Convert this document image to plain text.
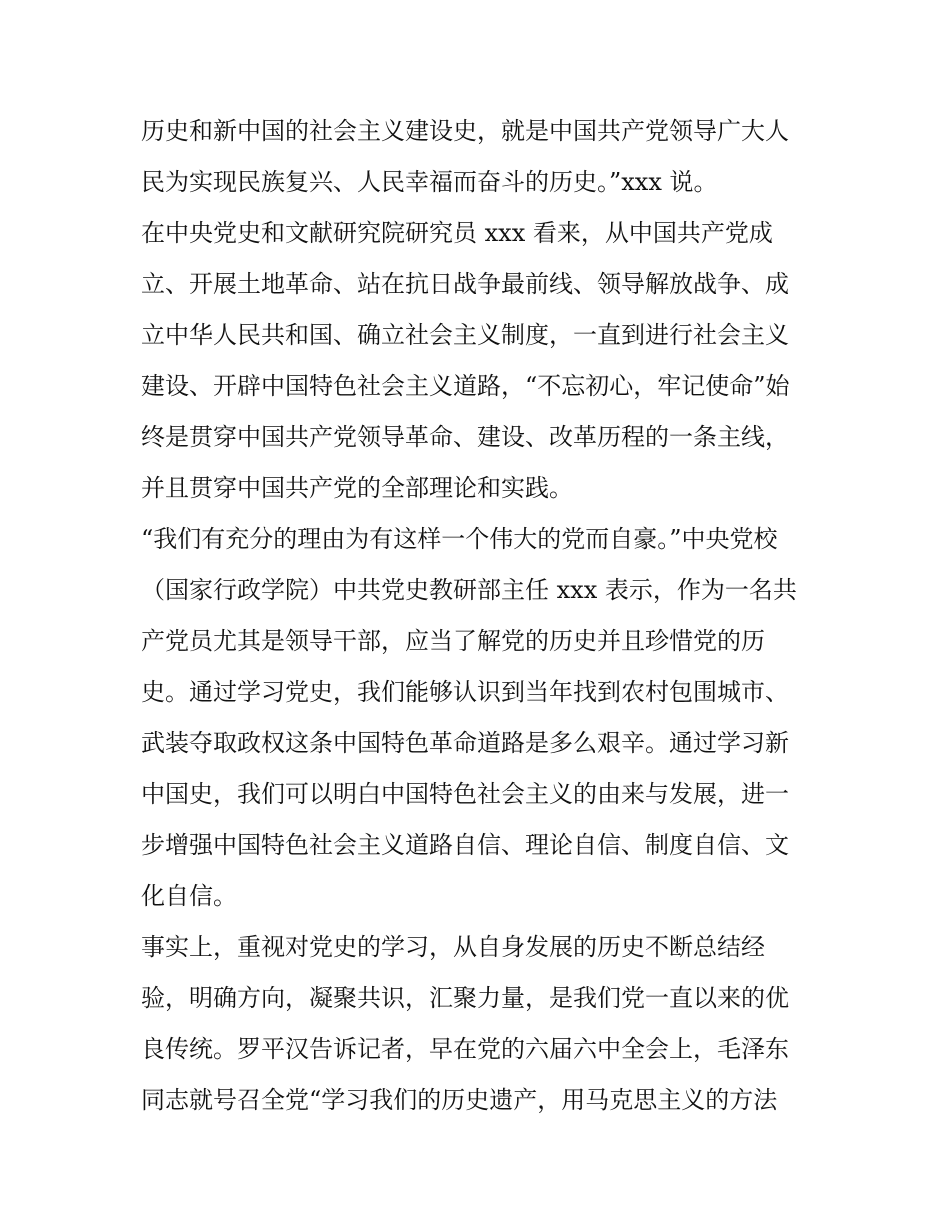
历史和新中国的社会主义建设史，就是中国共产党领导广大人
民为实现民族复兴、人民幸福而奋斗的历史。”xxx 说。
在中央党史和文献研究院研究员 xxx 看来，从中国共产党成
立、开展土地革命、站在抗日战争最前线、领导解放战争、成
立中华人民共和国、确立社会主义制度，一直到进行社会主义
建设、开辟中国特色社会主义道路，“不忘初心，牢记使命”始
终是贯穿中国共产党领导革命、建设、改革历程的一条主线，
并且贯穿中国共产党的全部理论和实践。
“我们有充分的理由为有这样一个伟大的党而自豪。”中央党校
（国家行政学院）中共党史教研部主任 xxx 表示，作为一名共
产党员尤其是领导干部，应当了解党的历史并且珍惜党的历
史。通过学习党史，我们能够认识到当年找到农村包围城市、
武装夺取政权这条中国特色革命道路是多么艰辛。通过学习新
中国史，我们可以明白中国特色社会主义的由来与发展，进一
步增强中国特色社会主义道路自信、理论自信、制度自信、文
化自信。
事实上，重视对党史的学习，从自身发展的历史不断总结经
验，明确方向，凝聚共识，汇聚力量，是我们党一直以来的优
良传统。罗平汉告诉记者，早在党的六届六中全会上，毛泽东
同志就号召全党“学习我们的历史遗产，用马克思主义的方法
